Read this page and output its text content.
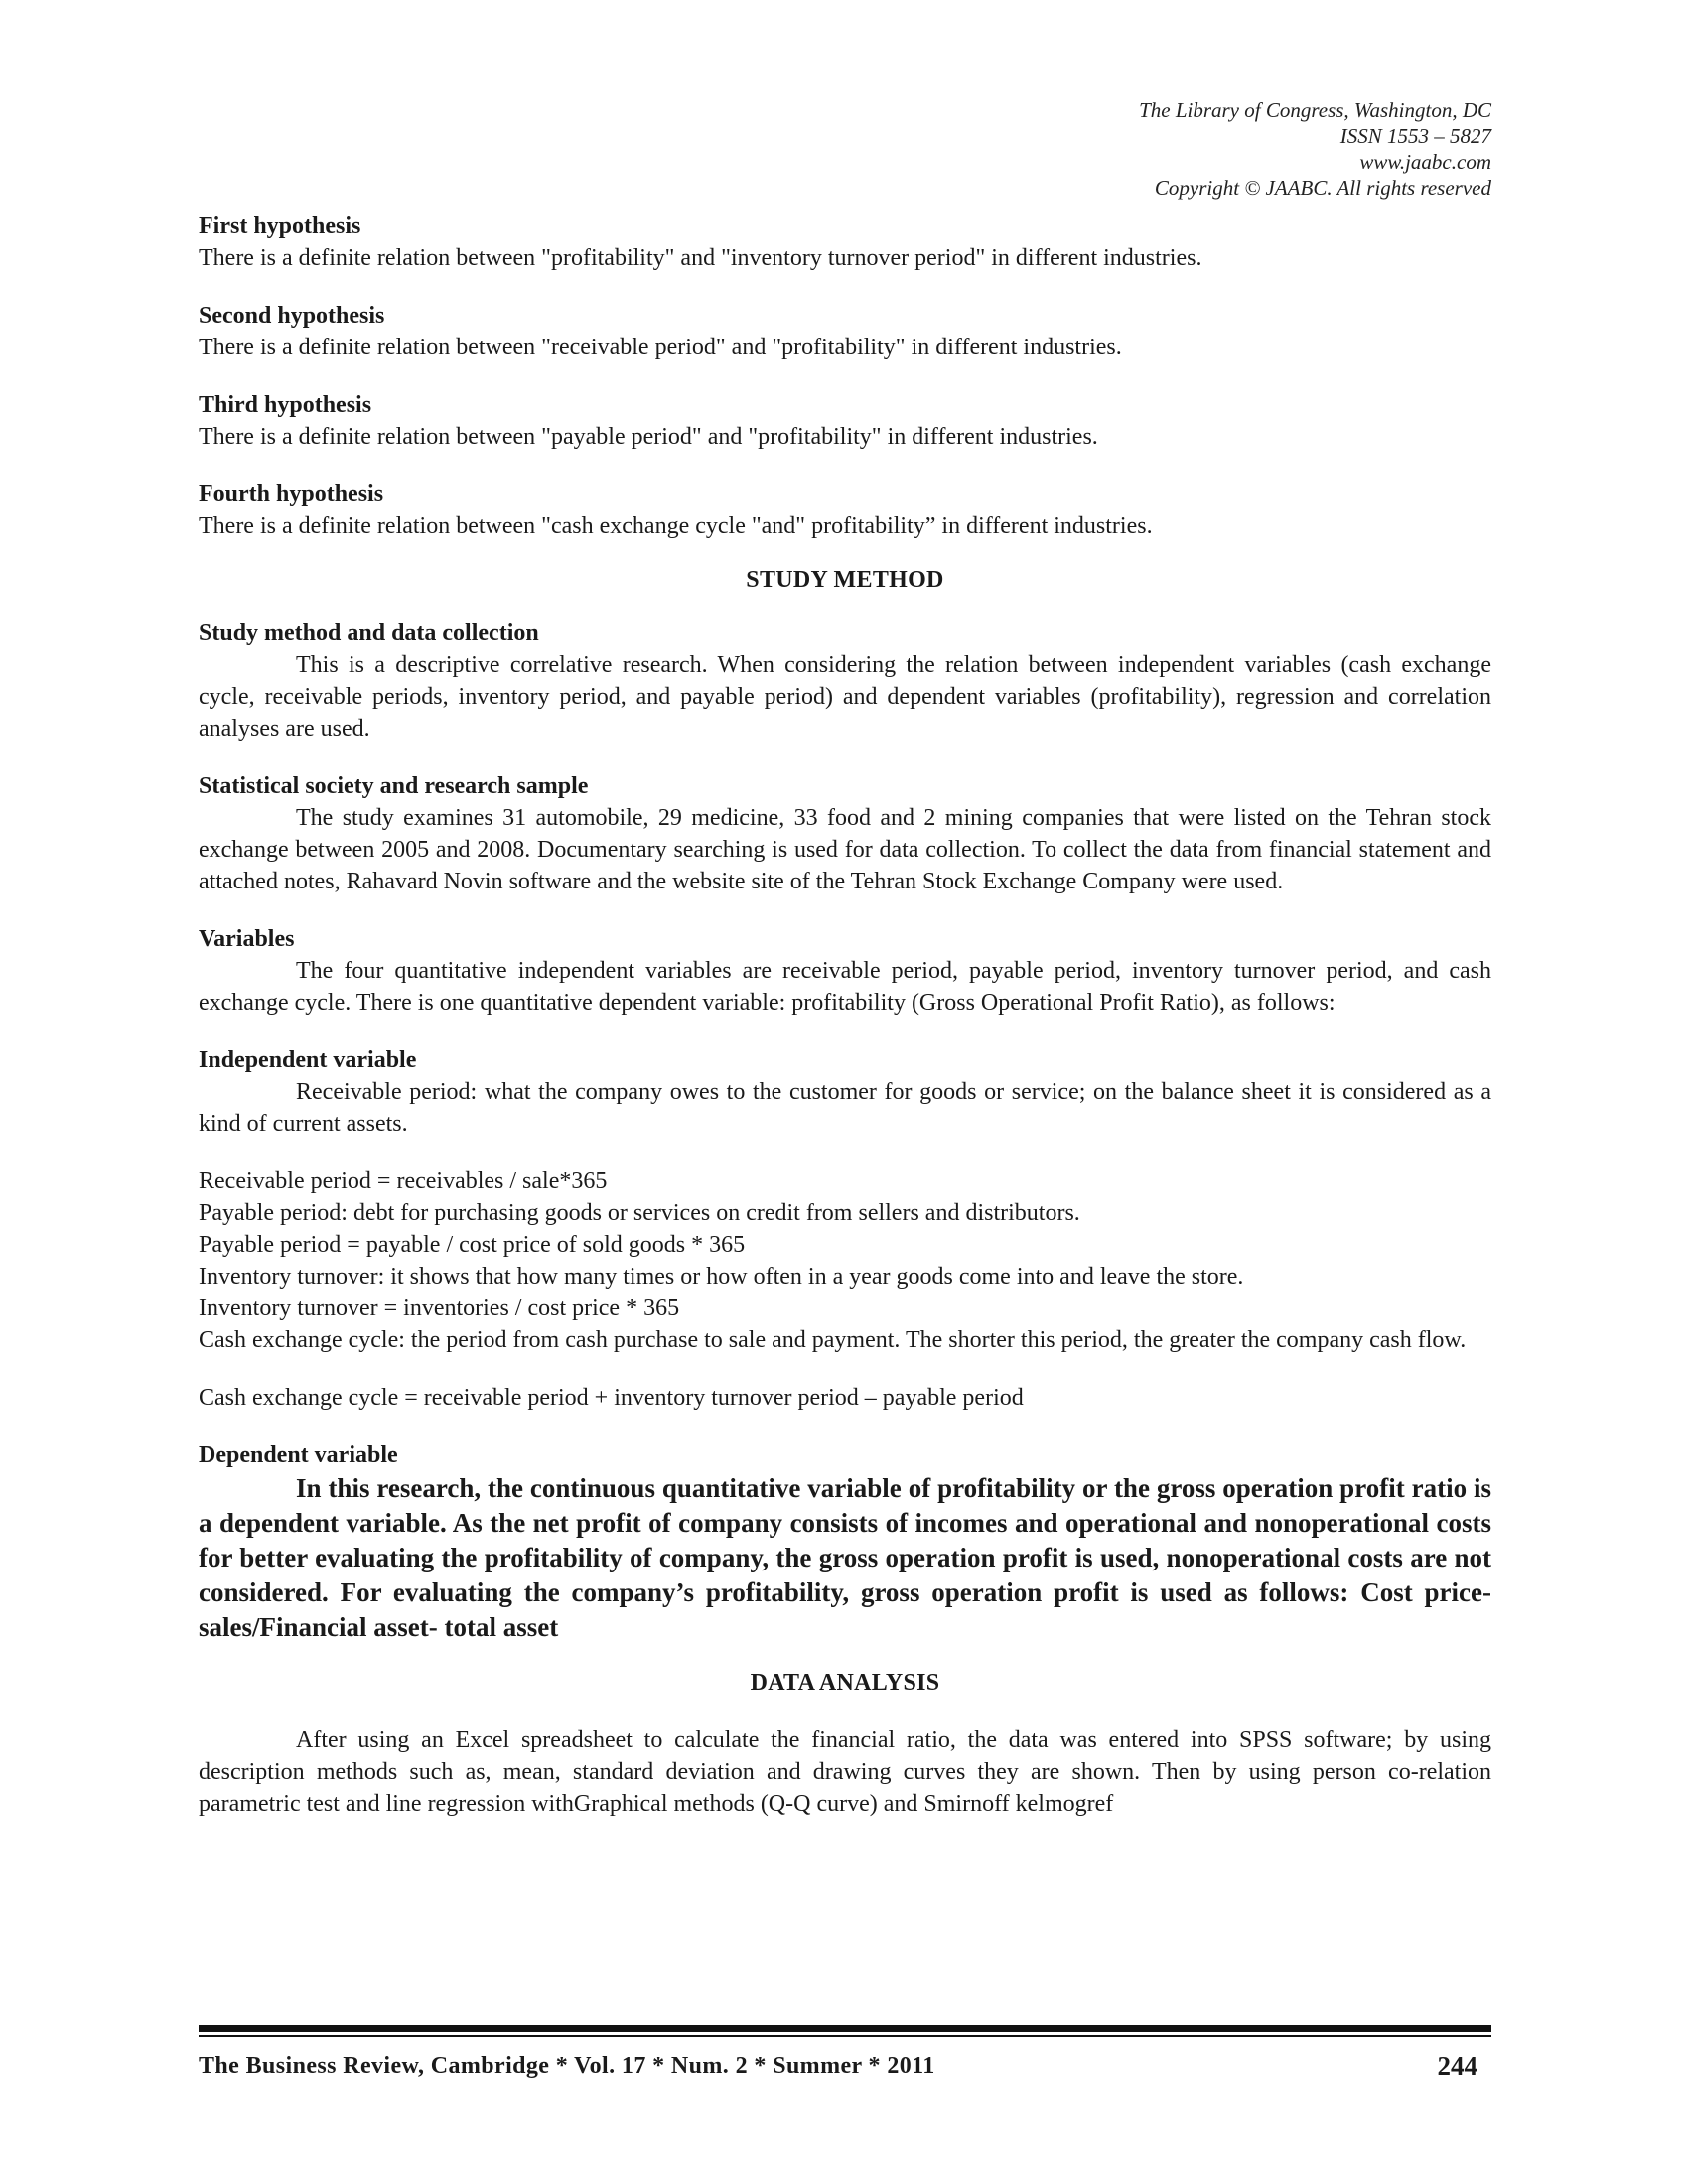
The Library of Congress, Washington, DC
ISSN 1553 – 5827
www.jaabc.com
Copyright © JAABC. All rights reserved

First hypothesis

There is a definite relation between "profitability" and "inventory turnover period" in different industries.

Second hypothesis

There is a definite relation between "receivable period" and "profitability" in different industries.

Third hypothesis

There is a definite relation between "payable period" and "profitability" in different industries.

Fourth hypothesis

There is a definite relation between "cash exchange cycle "and" profitability” in different industries.

STUDY METHOD

Study method and data collection

This is a descriptive correlative research. When considering the relation between independent variables (cash exchange cycle, receivable periods, inventory period, and payable period) and dependent variables (profitability), regression and correlation analyses are used.

Statistical society and research sample

The study examines 31 automobile, 29 medicine, 33 food and 2 mining companies that were listed on the Tehran stock exchange between 2005 and 2008. Documentary searching is used for data collection. To collect the data from financial statement and attached notes, Rahavard Novin software and the website site of the Tehran Stock Exchange Company were used.

Variables

The four quantitative independent variables are receivable period, payable period, inventory turnover period, and cash exchange cycle. There is one quantitative dependent variable: profitability (Gross Operational Profit Ratio), as follows:

Independent variable

Receivable period: what the company owes to the customer for goods or service; on the balance sheet it is considered as a kind of current assets.

Receivable period = receivables / sale*365

Payable period: debt for purchasing goods or services on credit from sellers and distributors.

Payable period = payable / cost price of sold goods * 365

Inventory turnover: it shows that how many times or how often in a year goods come into and leave the store.

Inventory turnover = inventories / cost price * 365

Cash exchange cycle: the period from cash purchase to sale and payment. The shorter this period, the greater the company cash flow.

Cash exchange cycle = receivable period + inventory turnover period – payable period

Dependent variable

In this research, the continuous quantitative variable of profitability or the gross operation profit ratio is a dependent variable. As the net profit of company consists of incomes and operational and nonoperational costs for better evaluating the profitability of company, the gross operation profit is used, nonoperational costs are not considered. For evaluating the company’s profitability, gross operation profit is used as follows: Cost price- sales/Financial asset- total asset

DATA ANALYSIS

After using an Excel spreadsheet to calculate the financial ratio, the data was entered into SPSS software; by using description methods such as, mean, standard deviation and drawing curves they are shown. Then by using person co-relation parametric test and line regression withGraphical methods (Q-Q curve) and Smirnoff kelmogref

The Business Review, Cambridge * Vol. 17 * Num. 2 * Summer * 2011	244
